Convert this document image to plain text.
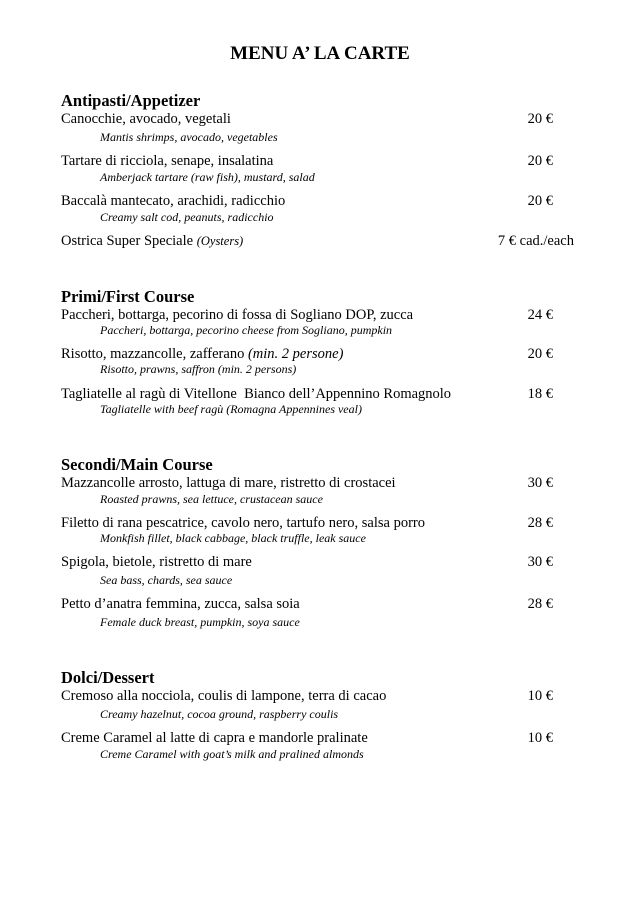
MENU A’ LA CARTE
Antipasti/Appetizer
Canocchie, avocado, vegetali
Mantis shrimps, avocado, vegetables
20 €
Tartare di ricciola, senape, insalatina
Amberjack tartare (raw fish), mustard, salad
20 €
Baccalà mantecato, arachidi, radicchio
Creamy salt cod, peanuts, radicchio
20 €
Ostrica Super Speciale (Oysters)	7 € cad./each
Primi/First Course
Paccheri, bottarga, pecorino di fossa di Sogliano DOP, zucca
Paccheri, bottarga, pecorino cheese from Sogliano, pumpkin
24 €
Risotto, mazzancolle, zafferano (min. 2 persone)
Risotto, prawns, saffron (min. 2 persons)
20 €
Tagliatelle al ragù di Vitellone  Bianco dell’Appennino Romagnolo
Tagliatelle with beef ragù (Romagna Appennines veal)
18 €
Secondi/Main Course
Mazzancolle arrosto, lattuga di mare, ristretto di crostacei
Roasted prawns, sea lettuce, crustacean sauce
30 €
Filetto di rana pescatrice, cavolo nero, tartufo nero, salsa porro
Monkfish fillet, black cabbage, black truffle, leak sauce
28 €
Spigola, bietole, ristretto di mare
Sea bass, chards, sea sauce
30 €
Petto d’anatra femmina, zucca, salsa soia
Female duck breast, pumpkin, soya sauce
28 €
Dolci/Dessert
Cremoso alla nocciola, coulis di lampone, terra di cacao
Creamy hazelnut, cocoa ground, raspberry coulis
10 €
Creme Caramel al latte di capra e mandorle pralinate
Creme Caramel with goat’s milk and pralined almonds
10 €
